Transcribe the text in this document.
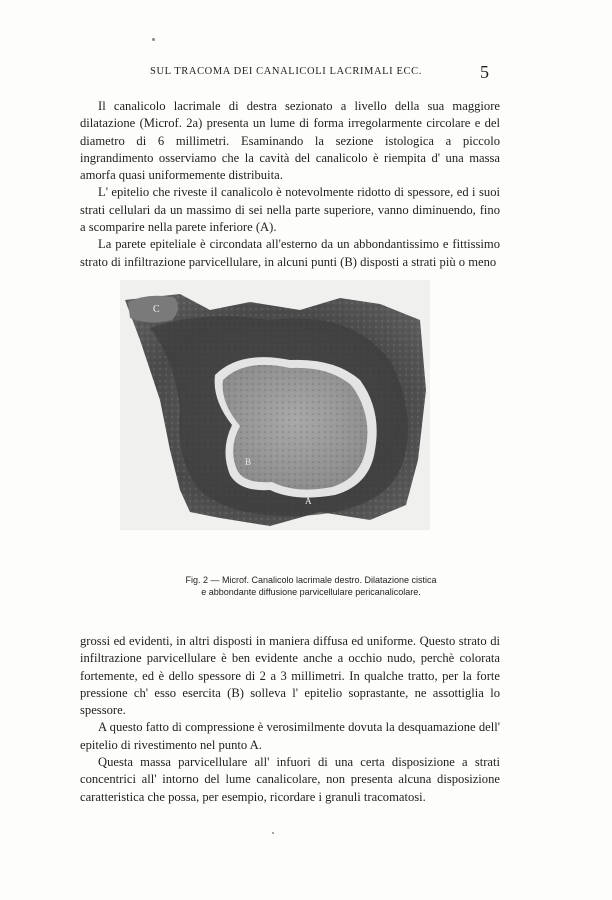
SUL TRACOMA DEI CANALICOLI LACRIMALI ECC.	5

Il canalicolo lacrimale di destra sezionato a livello della sua maggiore dilatazione (Microf. 2a) presenta un lume di forma irregolarmente circolare e del diametro di 6 millimetri. Esaminando la sezione istologica a piccolo ingrandimento osserviamo che la cavità del canalicolo è riempita d' una massa amorfa quasi uniformemente distribuita.

L' epitelio che riveste il canalicolo è notevolmente ridotto di spessore, ed i suoi strati cellulari da un massimo di sei nella parte superiore, vanno diminuendo, fino a scomparire nella parete inferiore (A).

La parete epiteliale è circondata all'esterno da un abbondantissimo e fittissimo strato di infiltrazione parvicellulare, in alcuni punti (B) disposti a strati più o meno

C
B
A
Fig. 2 — Microf. Canalicolo lacrimale destro. Dilatazione cistica
e abbondante diffusione parvicellulare pericanalicolare.

grossi ed evidenti, in altri disposti in maniera diffusa ed uniforme. Questo strato di infiltrazione parvicellulare è ben evidente anche a occhio nudo, perchè colorata fortemente, ed è dello spessore di 2 a 3 millimetri. In qualche tratto, per la forte pressione ch' esso esercita (B) solleva l' epitelio soprastante, ne assottiglia lo spessore.

A questo fatto di compressione è verosimilmente dovuta la desquamazione dell' epitelio di rivestimento nel punto A.

Questa massa parvicellulare all' infuori di una certa disposizione a strati concentrici all' intorno del lume canalicolare, non presenta alcuna disposizione caratteristica che possa, per esempio, ricordare i granuli tracomatosi.
